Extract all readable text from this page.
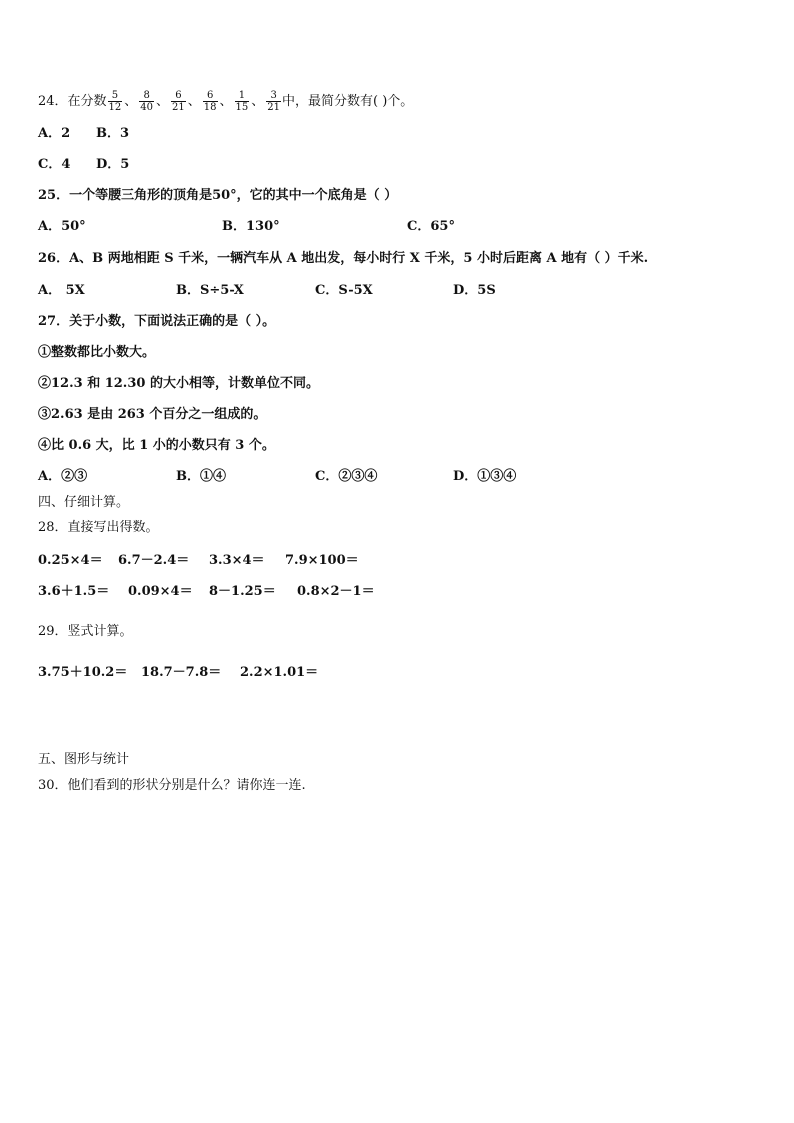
24．在分数 $\frac{5}{12}$ 、 $\frac{8}{40}$ 、 $\frac{6}{21}$ 、 $\frac{6}{18}$ 、 $\frac{1}{15}$ 、 $\frac{3}{21}$ 中，最简分数有( )个。
A．2 B．3
C．4 D．5
25．一个等腰三角形的顶角是50°，它的其中一个底角是（ ）
A．50°	B．130°	C．65°
26．A、B 两地相距 S 千米，一辆汽车从 A 地出发，每小时行 X 千米，5 小时后距离 A 地有（ ）千米.
A． 5X	B．S÷5-X	C．S-5X	D．5S
27．关于小数，下面说法正确的是（ ）。
①整数都比小数大。
②12.3 和 12.30 的大小相等，计数单位不同。
③2.63 是由 263 个百分之一组成的。
④比 0.6 大，比 1 小的小数只有 3 个。
A．②③	B．①④	C．②③④	D．①③④
四、仔细计算。
28．直接写出得数。
0.25×4＝ 6.7－2.4＝ 3.3×4＝ 7.9×100＝
3.6＋1.5＝ 0.09×4＝ 8－1.25＝ 0.8×2－1＝
29．竖式计算。
3.75＋10.2＝ 18.7－7.8＝ 2.2×1.01＝
五、图形与统计
30．他们看到的形状分别是什么？请你连一连.
